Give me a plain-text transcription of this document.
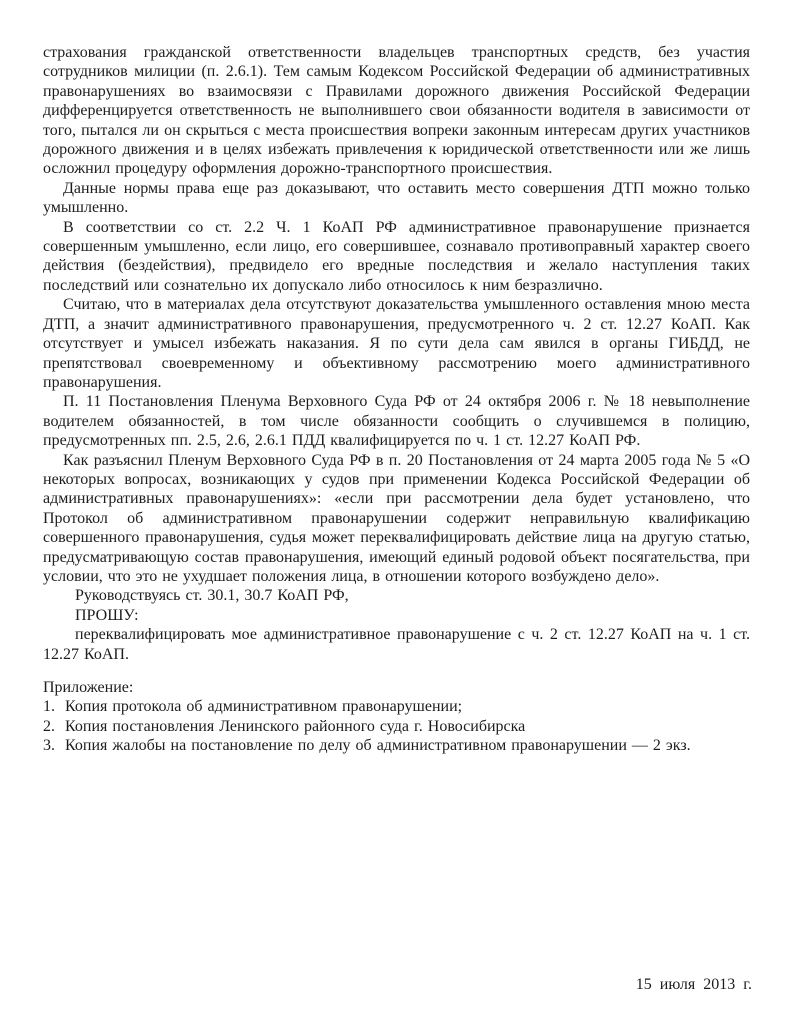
страхования гражданской ответственности владельцев транспортных средств, без участия сотрудников милиции (п. 2.6.1). Тем самым Кодексом Российской Федерации об административных правонарушениях во взаимосвязи с Правилами дорожного движения Российской Федерации дифференцируется ответственность не выполнившего свои обязанности водителя в зависимости от того, пытался ли он скрыться с места происшествия вопреки законным интересам других участников дорожного движения и в целях избежать привлечения к юридической ответственности или же лишь осложнил процедуру оформления дорожно-транспортного происшествия.

Данные нормы права еще раз доказывают, что оставить место совершения ДТП можно только умышленно.

В соответствии со ст. 2.2 Ч. 1 КоАП РФ административное правонарушение признается совершенным умышленно, если лицо, его совершившее, сознавало противоправный характер своего действия (бездействия), предвидело его вредные последствия и желало наступления таких последствий или сознательно их допускало либо относилось к ним безразлично.

Считаю, что в материалах дела отсутствуют доказательства умышленного оставления мною места ДТП, а значит административного правонарушения, предусмотренного ч. 2 ст. 12.27 КоАП. Как отсутствует и умысел избежать наказания. Я по сути дела сам явился в органы ГИБДД, не препятствовал своевременному и объективному рассмотрению моего административного правонарушения.

П. 11 Постановления Пленума Верховного Суда РФ от 24 октября 2006 г. № 18 невыполнение водителем обязанностей, в том числе обязанности сообщить о случившемся в полицию, предусмотренных пп. 2.5, 2.6, 2.6.1 ПДД квалифицируется по ч. 1 ст. 12.27 КоАП РФ.

Как разъяснил Пленум Верховного Суда РФ в п. 20 Постановления от 24 марта 2005 года № 5 «О некоторых вопросах, возникающих у судов при применении Кодекса Российской Федерации об административных правонарушениях»: «если при рассмотрении дела будет установлено, что Протокол об административном правонарушении содержит неправильную квалификацию совершенного правонарушения, судья может переквалифицировать действие лица на другую статью, предусматривающую состав правонарушения, имеющий единый родовой объект посягательства, при условии, что это не ухудшает положения лица, в отношении которого возбуждено дело».

Руководствуясь ст. 30.1, 30.7 КоАП РФ,

ПРОШУ:

переквалифицировать мое административное правонарушение с ч. 2 ст. 12.27 КоАП на ч. 1 ст. 12.27 КоАП.

Приложение:

1. Копия протокола об административном правонарушении;

2. Копия постановления Ленинского районного суда г. Новосибирска

3. Копия жалобы на постановление по делу об административном правонарушении — 2 экз.

15 июля 2013 г.
